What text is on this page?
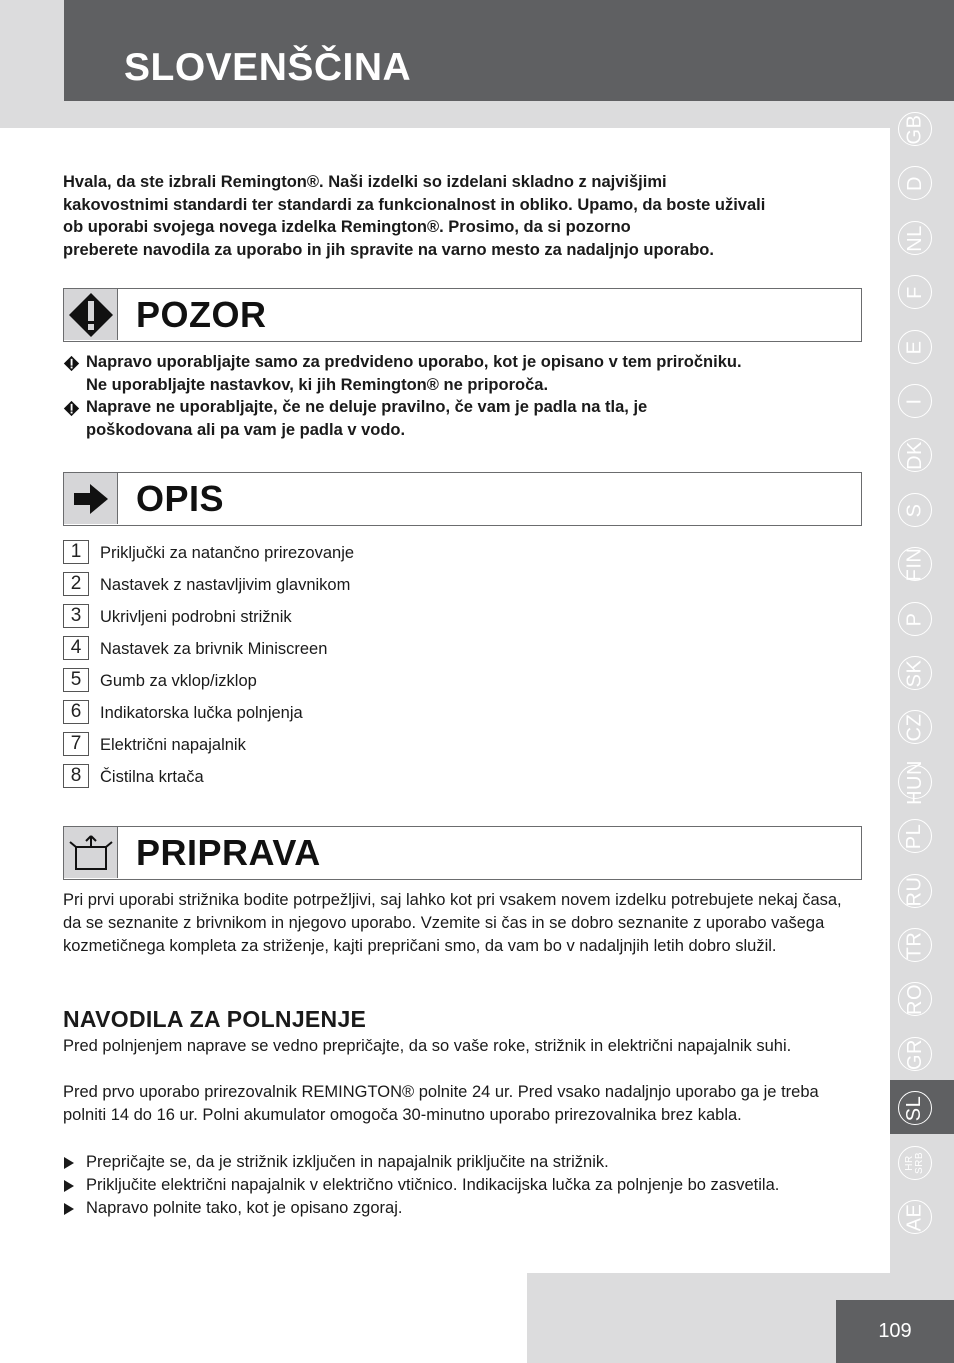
SLOVENŠČINA
GB
D
NL
F
E
I
DK
S
FIN
P
SK
CZ
HUN
PL
RU
TR
RO
GR
SL
HR SRB
AE
109

Hvala, da ste izbrali Remington®. Naši izdelki so izdelani skladno z najvišjimi

kakovostnimi standardi ter standardi za funkcionalnost in obliko. Upamo, da boste uživali

ob uporabi svojega novega izdelka Remington®. Prosimo, da si pozorno

preberete navodila za uporabo in jih spravite na varno mesto za nadaljnjo uporabo.

POZOR
Napravo uporabljajte samo za predvideno uporabo, kot je opisano v tem priročniku.
Ne uporabljajte nastavkov, ki jih Remington® ne priporoča.
Naprave ne uporabljajte, če ne deluje pravilno, če vam je padla na tla, je
poškodovana ali pa vam je padla v vodo.
OPIS
1	Priključki za natančno prirezovanje
2	Nastavek z nastavljivim glavnikom
3	Ukrivljeni podrobni strižnik
4	Nastavek za brivnik Miniscreen
5	Gumb za vklop/izklop
6	Indikatorska lučka polnjenja
7	Električni napajalnik
8	Čistilna krtača
PRIPRAVA
Pri prvi uporabi strižnika bodite potrpežljivi, saj lahko kot pri vsakem novem izdelku potrebujete nekaj časa, da se seznanite z brivnikom in njegovo uporabo. Vzemite si čas in se dobro seznanite z uporabo vašega kozmetičnega kompleta za striženje, kajti prepričani smo, da vam bo v nadaljnjih letih dobro služil.
NAVODILA ZA POLNJENJE
Pred polnjenjem naprave se vedno prepričajte, da so vaše roke, strižnik in električni napajalnik suhi.
Pred prvo uporabo prirezovalnik REMINGTON® polnite 24 ur. Pred vsako nadaljnjo uporabo ga je treba polniti 14 do 16 ur. Polni akumulator omogoča 30-minutno uporabo prirezovalnika brez kabla.
Prepričajte se, da je strižnik izključen in napajalnik priključite na strižnik.
Priključite električni napajalnik v električno vtičnico. Indikacijska lučka za polnjenje bo zasvetila.
Napravo polnite tako, kot je opisano zgoraj.
